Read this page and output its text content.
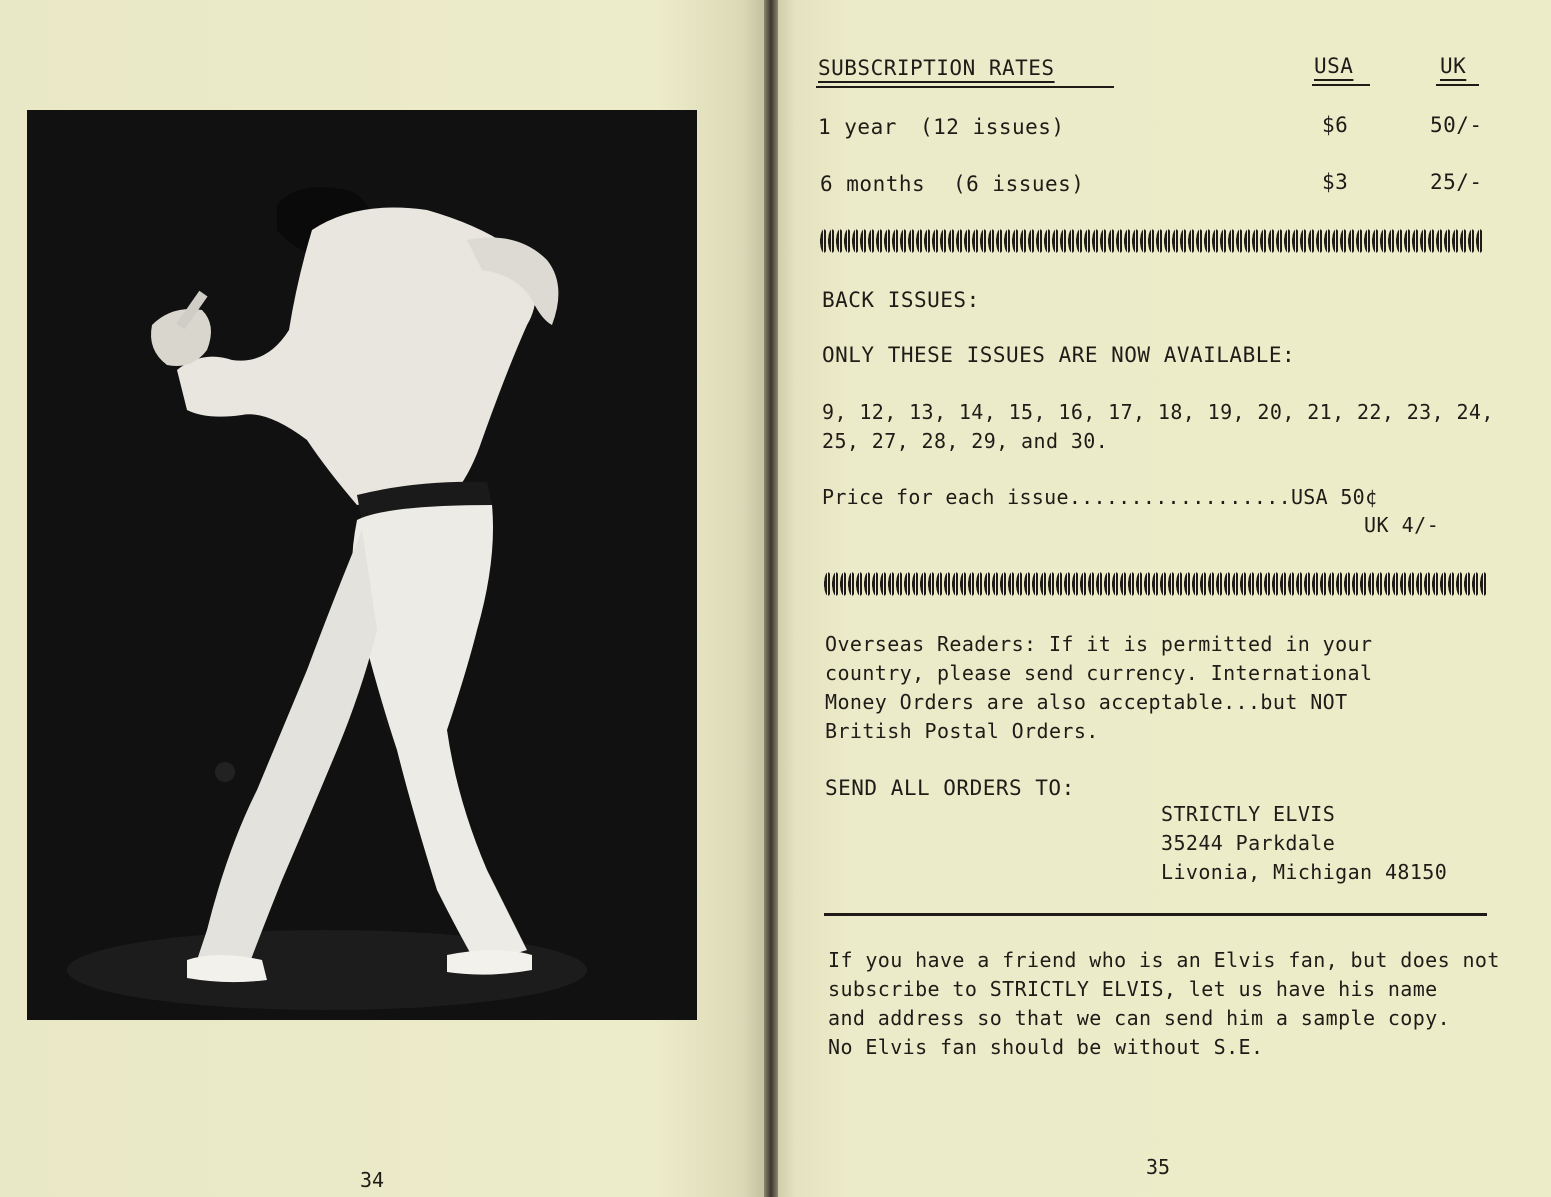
34
SUBSCRIPTION RATES	USA	UK
1 year (12 issues)	$6	50/-
6 months (6 issues)	$3	25/-
BACK ISSUES:
ONLY THESE ISSUES ARE NOW AVAILABLE:
9, 12, 13, 14, 15, 16, 17, 18, 19, 20, 21, 22, 23, 24,
25, 27, 28, 29, and 30.
Price for each issue..................USA 50¢
UK 4/-
Overseas Readers: If it is permitted in your
country, please send currency. International
Money Orders are also acceptable...but NOT
British Postal Orders.
SEND ALL ORDERS TO:
STRICTLY ELVIS
35244 Parkdale
Livonia, Michigan 48150
If you have a friend who is an Elvis fan, but does not
subscribe to STRICTLY ELVIS, let us have his name
and address so that we can send him a sample copy.
No Elvis fan should be without S.E.
35
